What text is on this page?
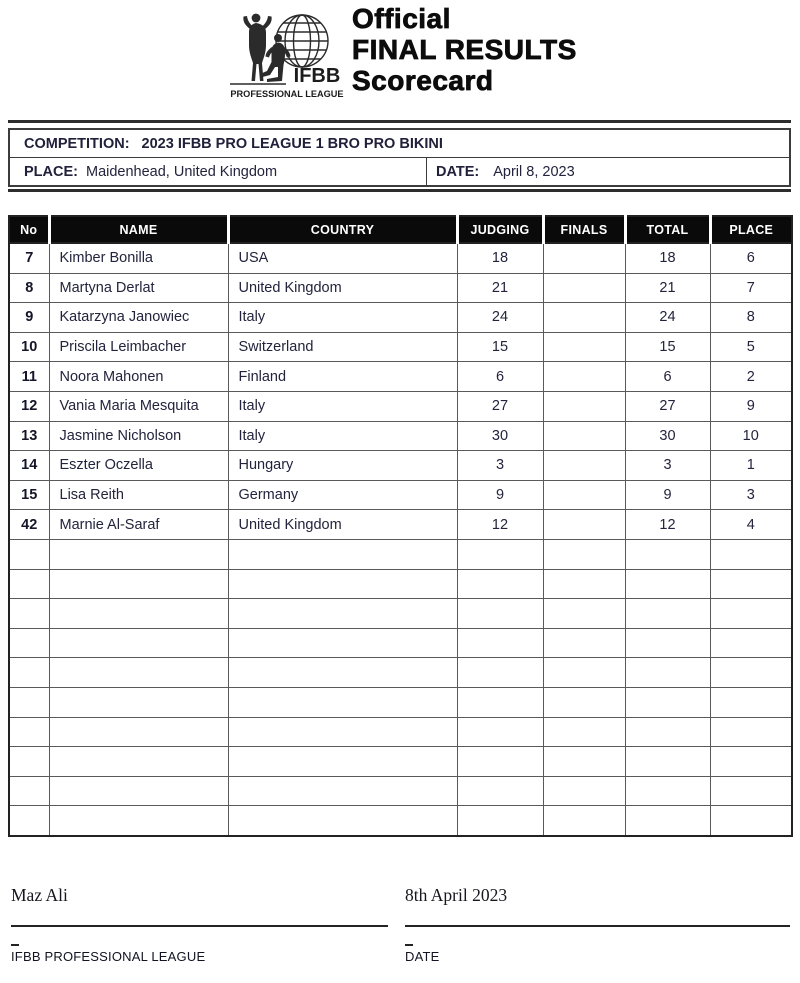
IFBB
PROFESSIONAL LEAGUE
Official
FINAL RESULTS
Scorecard
COMPETITION: 2023 IFBB PRO LEAGUE 1 BRO PRO BIKINI
PLACE: Maidenhead, United Kingdom	DATE: April 8, 2023
No	NAME	COUNTRY	JUDGING	FINALS	TOTAL	PLACE
7	Kimber Bonilla	USA	18		18	6
8	Martyna Derlat	United Kingdom	21		21	7
9	Katarzyna Janowiec	Italy	24		24	8
10	Priscila Leimbacher	Switzerland	15		15	5
11	Noora Mahonen	Finland	6		6	2
12	Vania Maria Mesquita	Italy	27		27	9
13	Jasmine Nicholson	Italy	30		30	10
14	Eszter Oczella	Hungary	3		3	1
15	Lisa Reith	Germany	9		9	3
42	Marnie Al-Saraf	United Kingdom	12		12	4

Maz Ali
IFBB PROFESSIONAL LEAGUE
8th April 2023
DATE
